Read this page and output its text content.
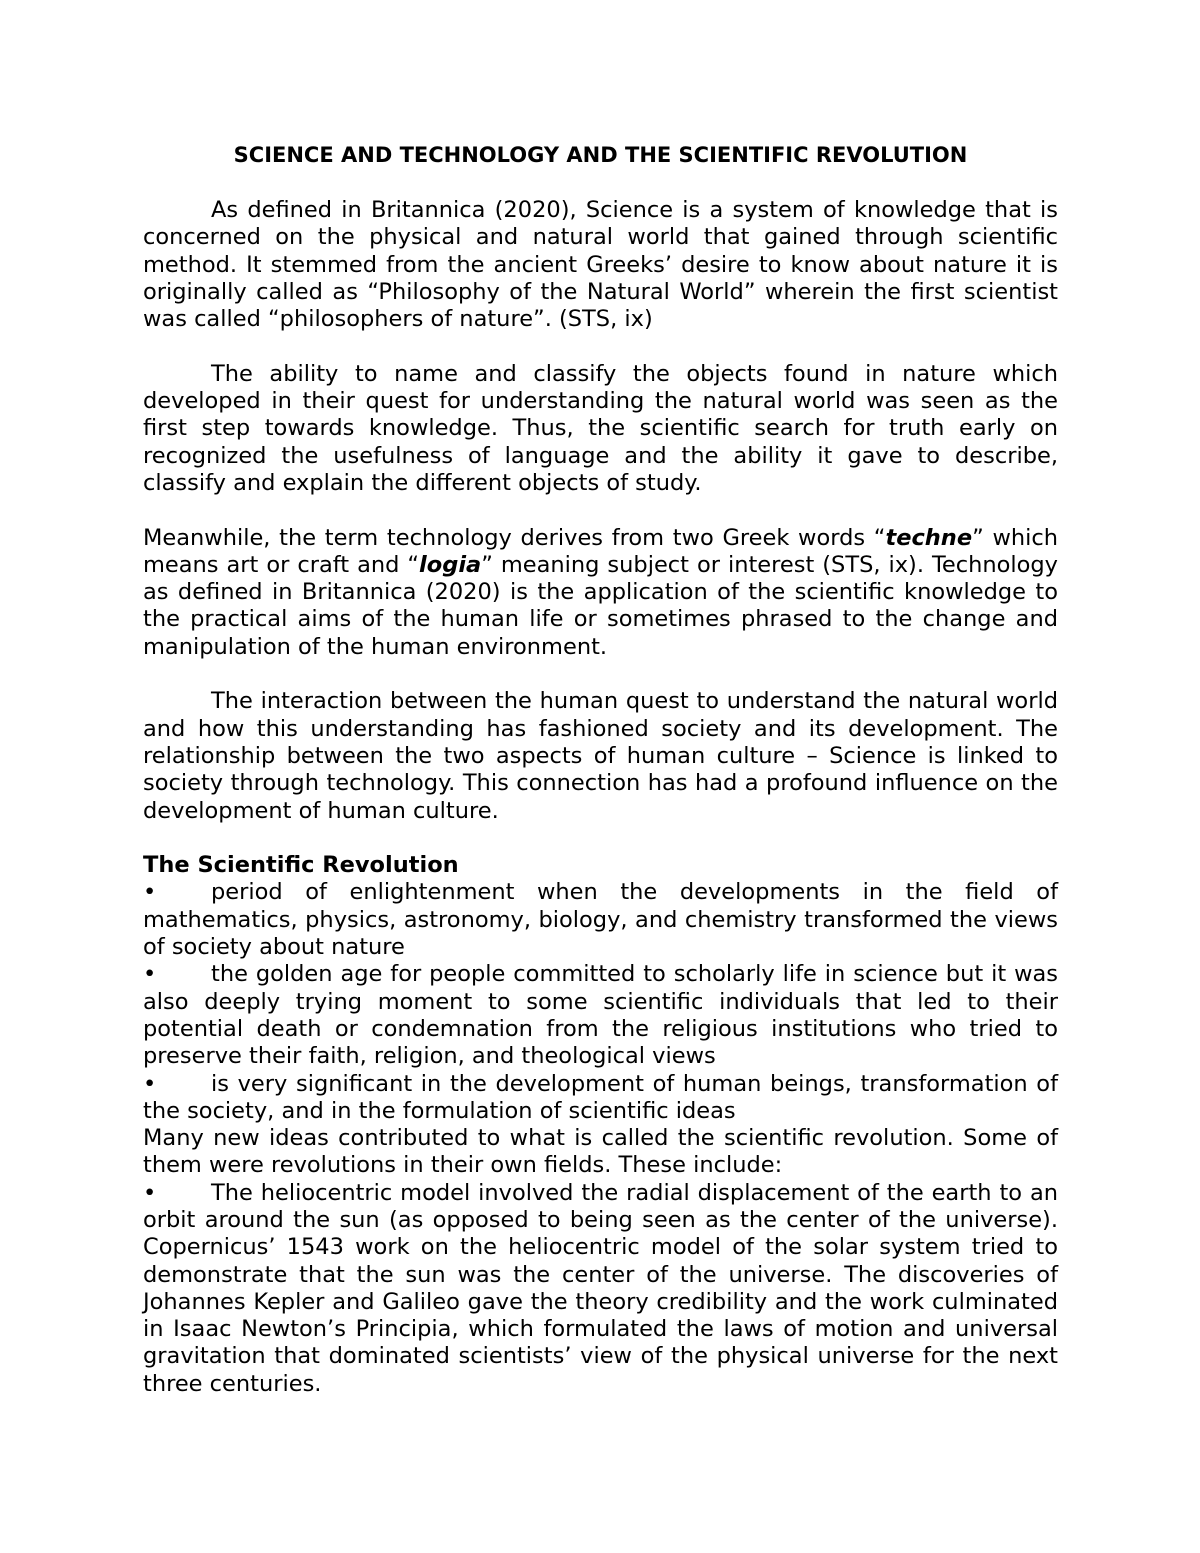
SCIENCE AND TECHNOLOGY AND THE SCIENTIFIC REVOLUTION

As defined in Britannica (2020), Science is a system of knowledge that is concerned on the physical and natural world that gained through scientific method. It stemmed from the ancient Greeks’ desire to know about nature it is originally called as “Philosophy of the Natural World” wherein the first scientist was called “philosophers of nature”. (STS, ix)

The ability to name and classify the objects found in nature which developed in their quest for understanding the natural world was seen as the first step towards knowledge. Thus, the scientific search for truth early on recognized the usefulness of language and the ability it gave to describe, classify and explain the different objects of study.

Meanwhile, the term technology derives from two Greek words “techne” which means art or craft and “logia” meaning subject or interest (STS, ix). Technology as defined in Britannica (2020) is the application of the scientific knowledge to the practical aims of the human life or sometimes phrased to the change and manipulation of the human environment.

The interaction between the human quest to understand the natural world and how this understanding has fashioned society and its development. The relationship between the two aspects of human culture – Science is linked to society through technology. This connection has had a profound influence on the development of human culture.

The Scientific Revolution

• period of enlightenment when the developments in the field of mathematics, physics, astronomy, biology, and chemistry transformed the views of society about nature

• the golden age for people committed to scholarly life in science but it was also deeply trying moment to some scientific individuals that led to their potential death or condemnation from the religious institutions who tried to preserve their faith, religion, and theological views

• is very significant in the development of human beings, transformation of the society, and in the formulation of scientific ideas

Many new ideas contributed to what is called the scientific revolution. Some of them were revolutions in their own fields. These include:

• The heliocentric model involved the radial displacement of the earth to an orbit around the sun (as opposed to being seen as the center of the universe). Copernicus’ 1543 work on the heliocentric model of the solar system tried to demonstrate that the sun was the center of the universe. The discoveries of Johannes Kepler and Galileo gave the theory credibility and the work culminated in Isaac Newton’s Principia, which formulated the laws of motion and universal gravitation that dominated scientists’ view of the physical universe for the next three centuries.
